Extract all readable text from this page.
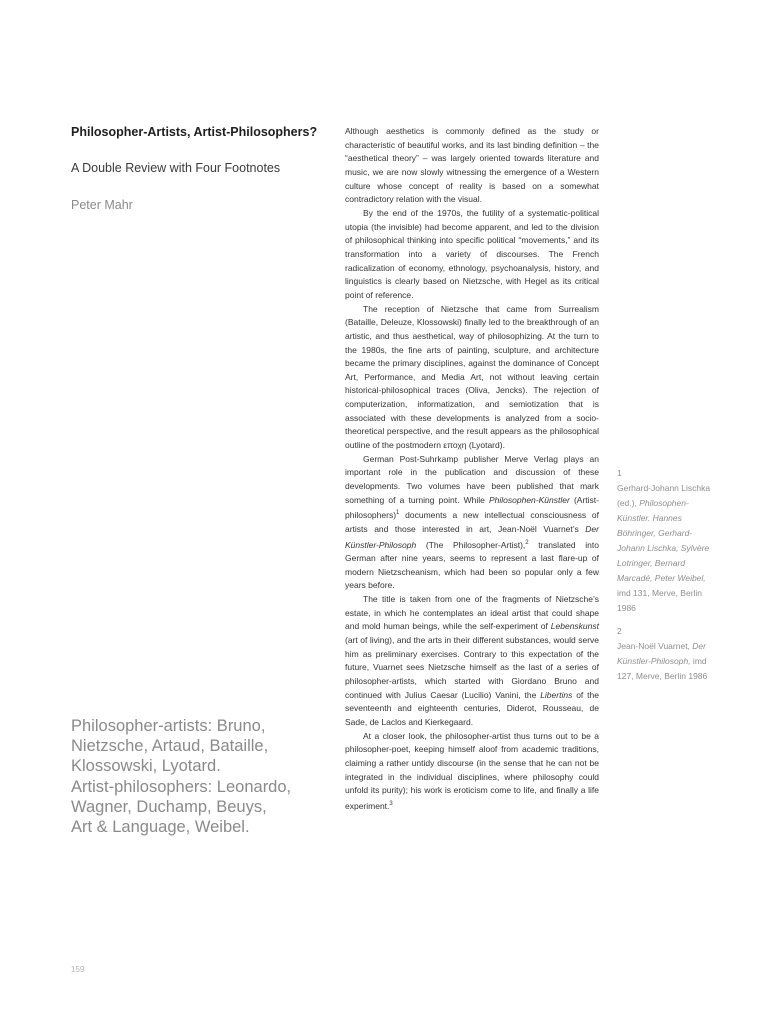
Philosopher-Artists, Artist-Philosophers?
A Double Review with Four Footnotes
Peter Mahr

Although aesthetics is commonly defined as the study or characteristic of beautiful works, and its last binding definition – the “aesthetical theory” – was largely oriented towards literature and music, we are now slowly witnessing the emergence of a Western culture whose concept of reality is based on a somewhat contradictory relation with the visual.

By the end of the 1970s, the futility of a systematic-political utopia (the invisible) had become apparent, and led to the division of philosophical thinking into specific political “movements,” and its transformation into a variety of discourses. The French radicalization of economy, ethnology, psychoanalysis, history, and linguistics is clearly based on Nietzsche, with Hegel as its critical point of reference.

The reception of Nietzsche that came from Surrealism (Bataille, Deleuze, Klossowski) finally led to the breakthrough of an artistic, and thus aesthetical, way of philosophizing. At the turn to the 1980s, the fine arts of painting, sculpture, and architecture became the primary disciplines, against the dominance of Concept Art, Performance, and Media Art, not without leaving certain historical-philosophical traces (Oliva, Jencks). The rejection of computerization, informatization, and semiotization that is associated with these developments is analyzed from a socio-theoretical perspective, and the result appears as the philosophical outline of the postmodern εποχη (Lyotard).

German Post-Suhrkamp publisher Merve Verlag plays an important role in the publication and discussion of these developments. Two volumes have been published that mark something of a turning point. While Philosophen-Künstler (Artist-philosophers)$^1$ documents a new intellectual consciousness of artists and those interested in art, Jean-Noël Vuarnet’s Der Künstler-Philosoph (The Philosopher-Artist),$^2$ translated into German after nine years, seems to represent a last flare-up of modern Nietzscheanism, which had been so popular only a few years before.

The title is taken from one of the fragments of Nietzsche’s estate, in which he contemplates an ideal artist that could shape and mold human beings, while the self-experiment of Lebenskunst (art of living), and the arts in their different substances, would serve him as preliminary exercises. Contrary to this expectation of the future, Vuarnet sees Nietzsche himself as the last of a series of philosopher-artists, which started with Giordano Bruno and continued with Julius Caesar (Lucilio) Vanini, the Libertins of the seventeenth and eighteenth centuries, Diderot, Rousseau, de Sade, de Laclos and Kierkegaard.

At a closer look, the philosopher-artist thus turns out to be a philosopher-poet, keeping himself aloof from academic traditions, claiming a rather untidy discourse (in the sense that he can not be integrated in the individual disciplines, where philosophy could unfold its purity); his work is eroticism come to life, and finally a life experiment.$^3$

1
Gerhard-Johann Lischka (ed.), Philosophen-Künstler. Hannes Böhringer, Gerhard-Johann Lischka, Sylvère Lotringer, Bernard Marcadé, Peter Weibel, imd 131, Merve, Berlin 1986
2
Jean-Noël Vuarnet, Der Künstler-Philosoph, imd 127, Merve, Berlin 1986
Philosopher-artists: Bruno,
Nietzsche, Artaud, Bataille,
Klossowski, Lyotard.
Artist-philosophers: Leonardo,
Wagner, Duchamp, Beuys,
Art & Language, Weibel.
159
